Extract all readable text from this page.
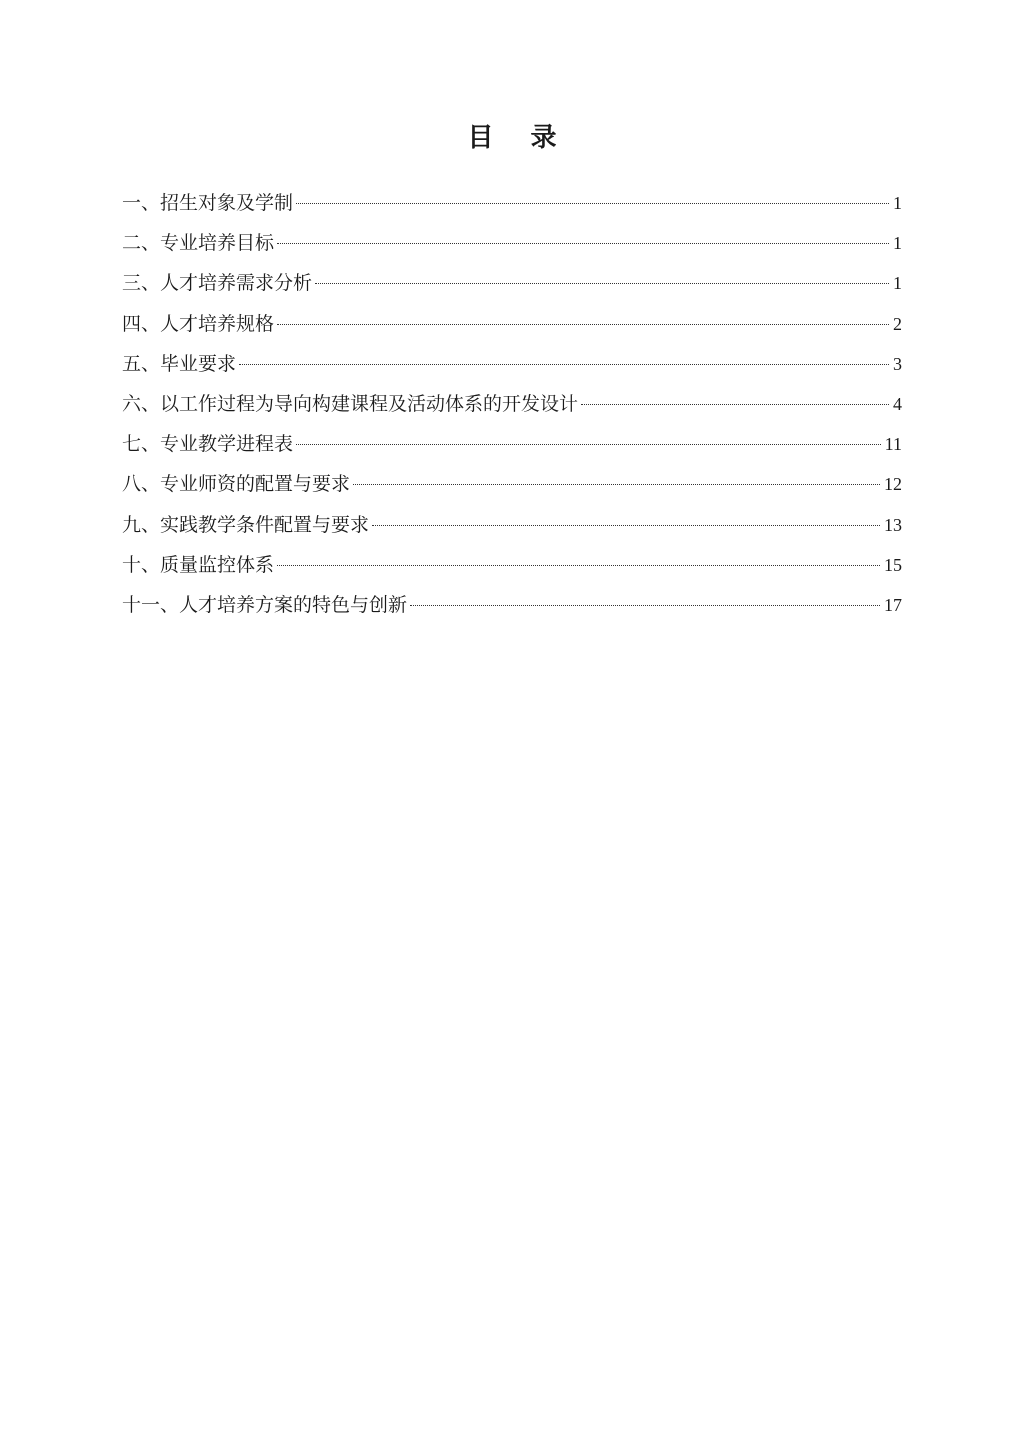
目 录
一、招生对象及学制	1
二、专业培养目标	1
三、人才培养需求分析	1
四、人才培养规格	2
五、毕业要求	3
六、以工作过程为导向构建课程及活动体系的开发设计	4
七、专业教学进程表	11
八、专业师资的配置与要求	12
九、实践教学条件配置与要求	13
十、质量监控体系	15
十一、人才培养方案的特色与创新	17
